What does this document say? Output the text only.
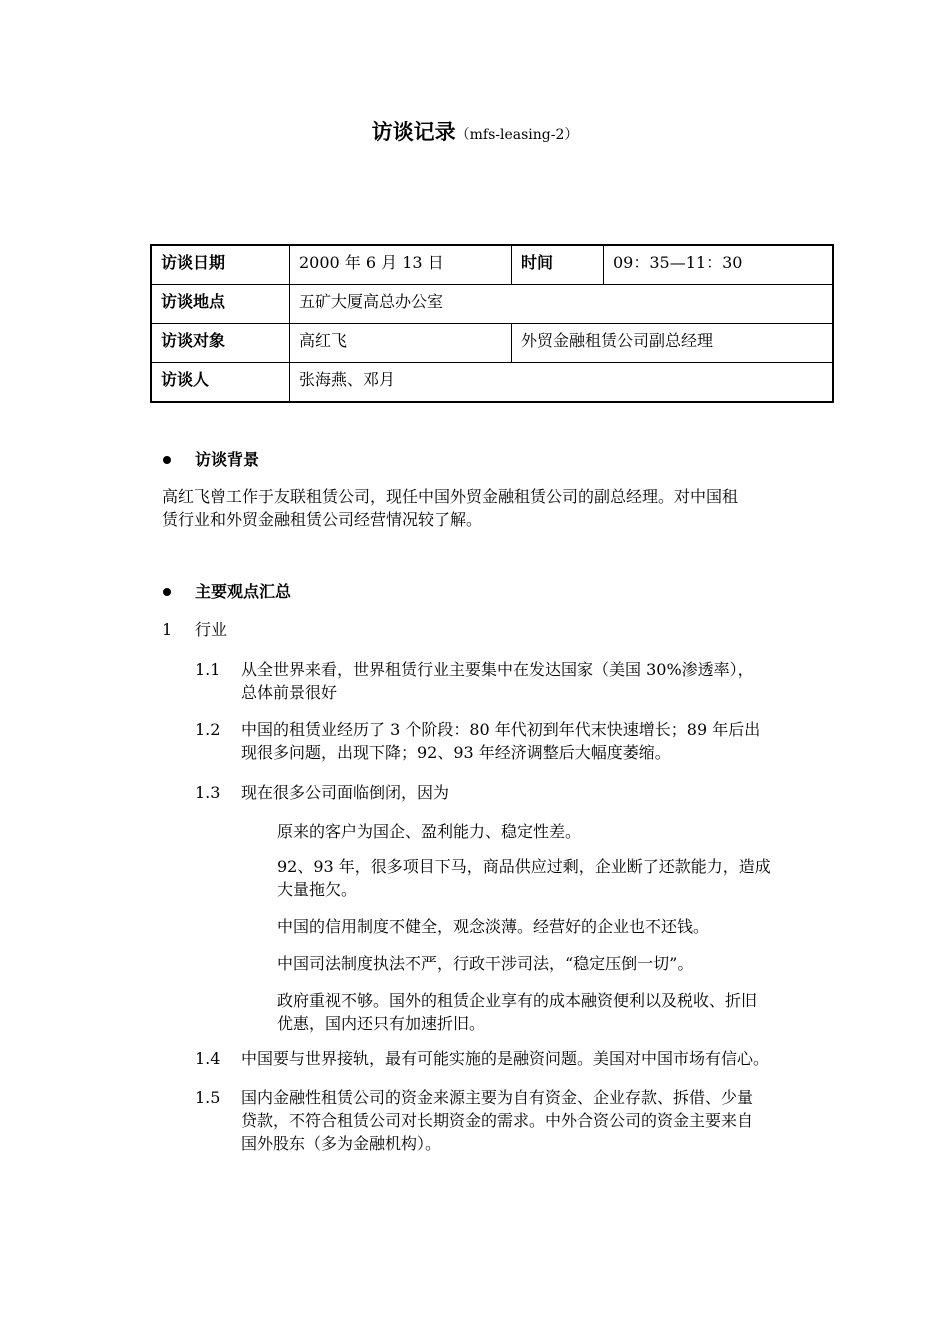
访谈记录（mfs-leasing-2）
访谈日期	2000 年 6 月 13 日	时间	09：35—11：30
访谈地点	五矿大厦高总办公室		
访谈对象	高红飞	外贸金融租赁公司副总经理	
访谈人	张海燕、邓月		
访谈背景
高红飞曾工作于友联租赁公司，现任中国外贸金融租赁公司的副总经理。对中国租
赁行业和外贸金融租赁公司经营情况较了解。
主要观点汇总
1 行业
1.1 从全世界来看，世界租赁行业主要集中在发达国家（美国 30%渗透率），
总体前景很好
1.2 中国的租赁业经历了 3 个阶段：80 年代初到年代末快速增长；89 年后出
现很多问题，出现下降；92、93 年经济调整后大幅度萎缩。
1.3 现在很多公司面临倒闭，因为
原来的客户为国企、盈利能力、稳定性差。
92、93 年，很多项目下马，商品供应过剩，企业断了还款能力，造成
大量拖欠。
中国的信用制度不健全，观念淡薄。经营好的企业也不还钱。
中国司法制度执法不严，行政干涉司法，“稳定压倒一切”。
政府重视不够。国外的租赁企业享有的成本融资便利以及税收、折旧
优惠，国内还只有加速折旧。
1.4 中国要与世界接轨，最有可能实施的是融资问题。美国对中国市场有信心。
1.5 国内金融性租赁公司的资金来源主要为自有资金、企业存款、拆借、少量
贷款，不符合租赁公司对长期资金的需求。中外合资公司的资金主要来自
国外股东（多为金融机构）。
